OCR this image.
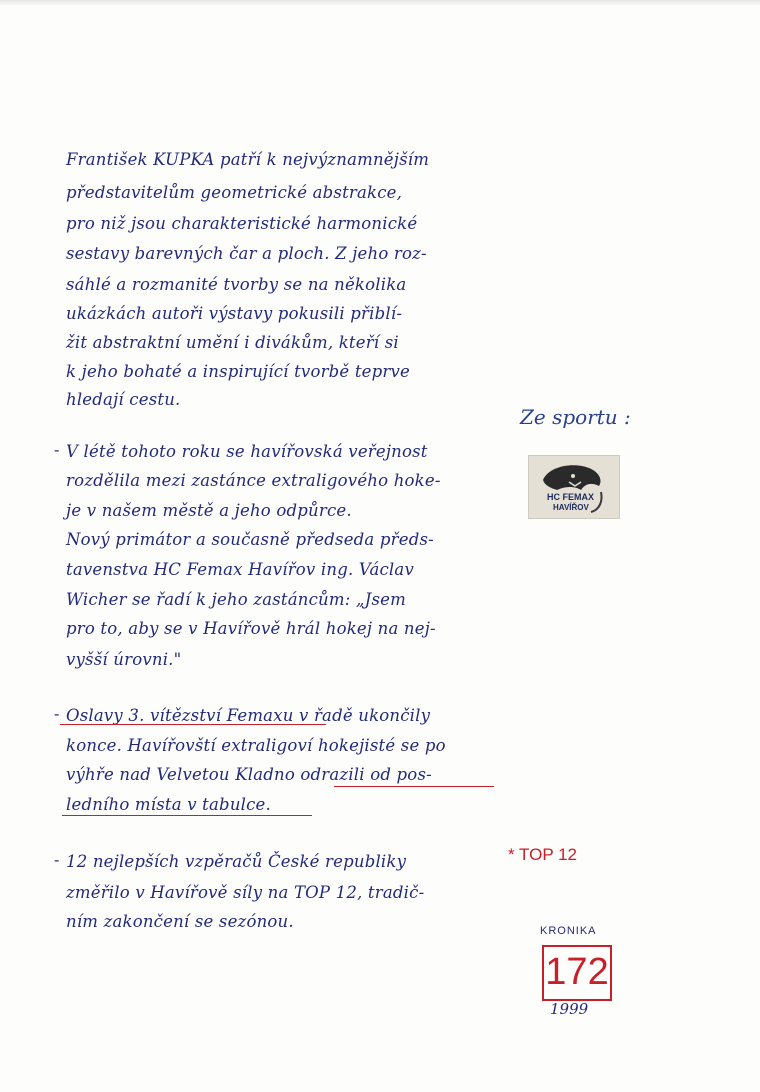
František KUPKA patří k nejvýznamnějším
představitelům geometrické abstrakce,
pro niž jsou charakteristické harmonické
sestavy barevných čar a ploch. Z jeho roz-
sáhlé a rozmanité tvorby se na několika
ukázkách autoři výstavy pokusili přiblí-
žit abstraktní umění i divákům, kteří si
k jeho bohaté a inspirující tvorbě teprve
hledají cestu.
- V létě tohoto roku se havířovská veřejnost
rozdělila mezi zastánce extraligového hoke-
je v našem městě a jeho odpůrce.
Nový primátor a současně předseda předs-
tavenstva HC Femax Havířov ing. Václav
Wicher se řadí k jeho zastáncům: „Jsem
pro to, aby se v Havířově hrál hokej na nej-
vyšší úrovni."
- Oslavy 3. vítězství Femaxu v řadě ukončily
konce. Havířovští extraligoví hokejisté se po
výhře nad Velvetou Kladno odrazili od pos-
ledního místa v tabulce.
- 12 nejlepších vzpěračů České republiky
změřilo v Havířově síly na TOP 12, tradič-
ním zakončení se sezónou.
Ze sportu :
HC FEMAX
HAVÍŘOV
* TOP 12
KRONIKA
172
1999
